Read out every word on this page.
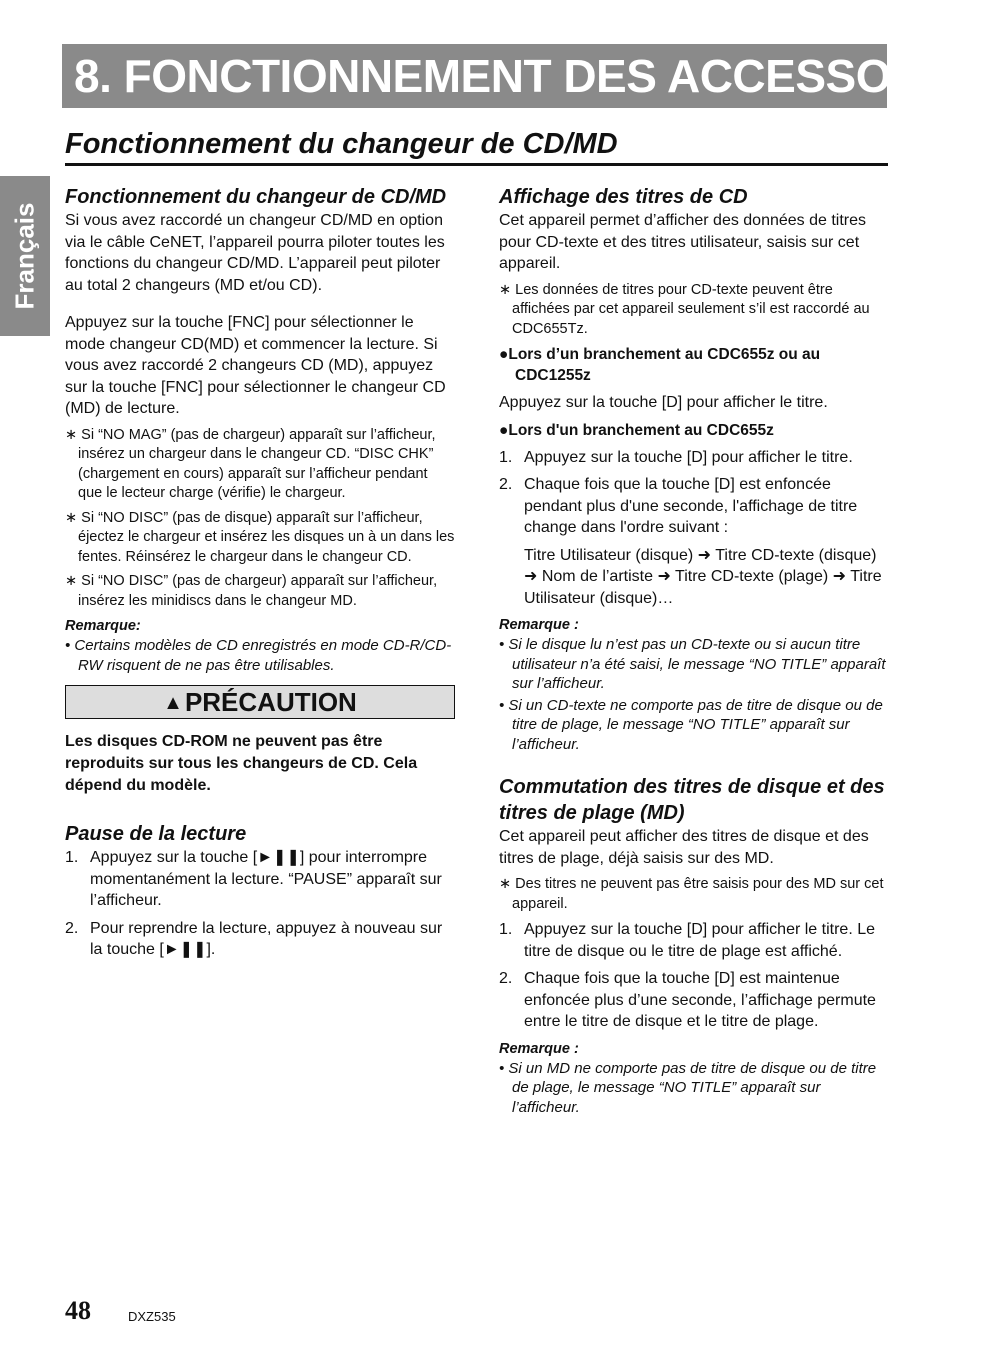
8. FONCTIONNEMENT DES ACCESSOIRES
Fonctionnement du changeur de CD/MD
Français
Fonctionnement du changeur de CD/MD

Si vous avez raccordé un changeur CD/MD en option via le câble CeNET, l’appareil pourra piloter toutes les fonctions du changeur CD/MD. L’appareil peut piloter au total 2 changeurs (MD et/ou CD).

Appuyez sur la touche [FNC] pour sélectionner le mode changeur CD(MD) et commencer la lecture. Si vous avez raccordé 2 changeurs CD (MD), appuyez sur la touche [FNC] pour sélectionner le changeur CD (MD) de lecture.

∗ Si “NO MAG” (pas de chargeur) apparaît sur l’afficheur, insérez un chargeur dans le changeur CD. “DISC CHK” (chargement en cours) apparaît sur l’afficheur pendant que le lecteur charge (vérifie) le chargeur.

∗ Si “NO DISC” (pas de disque) apparaît sur l’afficheur, éjectez le chargeur et insérez les disques un à un dans les fentes. Réinsérez le chargeur dans le changeur CD.

∗ Si “NO DISC” (pas de chargeur) apparaît sur l’afficheur, insérez les minidiscs dans le changeur MD.

Remarque:

• Certains modèles de CD enregistrés en mode CD-R/CD-RW risquent de ne pas être utilisables.

▲PRÉCAUTION

Les disques CD-ROM ne peuvent pas être reproduits sur tous les changeurs de CD. Cela dépend du modèle.

Pause de la lecture
1. Appuyez sur la touche [►❚❚] pour interrompre momentanément la lecture. “PAUSE” apparaît sur l’afficheur.
2. Pour reprendre la lecture, appuyez à nouveau sur la touche [►❚❚].
Affichage des titres de CD

Cet appareil permet d’afficher des données de titres pour CD-texte et des titres utilisateur, saisis sur cet appareil.

∗ Les données de titres pour CD-texte peuvent être affichées par cet appareil seulement s’il est raccordé au CDC655Tz.

●Lors d’un branchement au CDC655z ou au CDC1255z

Appuyez sur la touche [D] pour afficher le titre.

●Lors d'un branchement au CDC655z

1. Appuyez sur la touche [D] pour afficher le titre.
2. Chaque fois que la touche [D] est enfoncée pendant plus d'une seconde, l'affichage de titre change dans l'ordre suivant :

Titre Utilisateur (disque) ➜ Titre CD-texte (disque) ➜ Nom de l’artiste ➜ Titre CD-texte (plage) ➜ Titre Utilisateur (disque)…

Remarque :

• Si le disque lu n’est pas un CD-texte ou si aucun titre utilisateur n’a été saisi, le message “NO TITLE” apparaît sur l’afficheur.

• Si un CD-texte ne comporte pas de titre de disque ou de titre de plage, le message “NO TITLE” apparaît sur l’afficheur.

Commutation des titres de disque et des titres de plage (MD)

Cet appareil peut afficher des titres de disque et des titres de plage, déjà saisis sur des MD.

∗ Des titres ne peuvent pas être saisis pour des MD sur cet appareil.

1. Appuyez sur la touche [D] pour afficher le titre. Le titre de disque ou le titre de plage est affiché.
2. Chaque fois que la touche [D] est maintenue enfoncée plus d’une seconde, l’affichage permute entre le titre de disque et le titre de plage.

Remarque :

• Si un MD ne comporte pas de titre de disque ou de titre de plage, le message “NO TITLE” apparaît sur l’afficheur.

48	DXZ535
